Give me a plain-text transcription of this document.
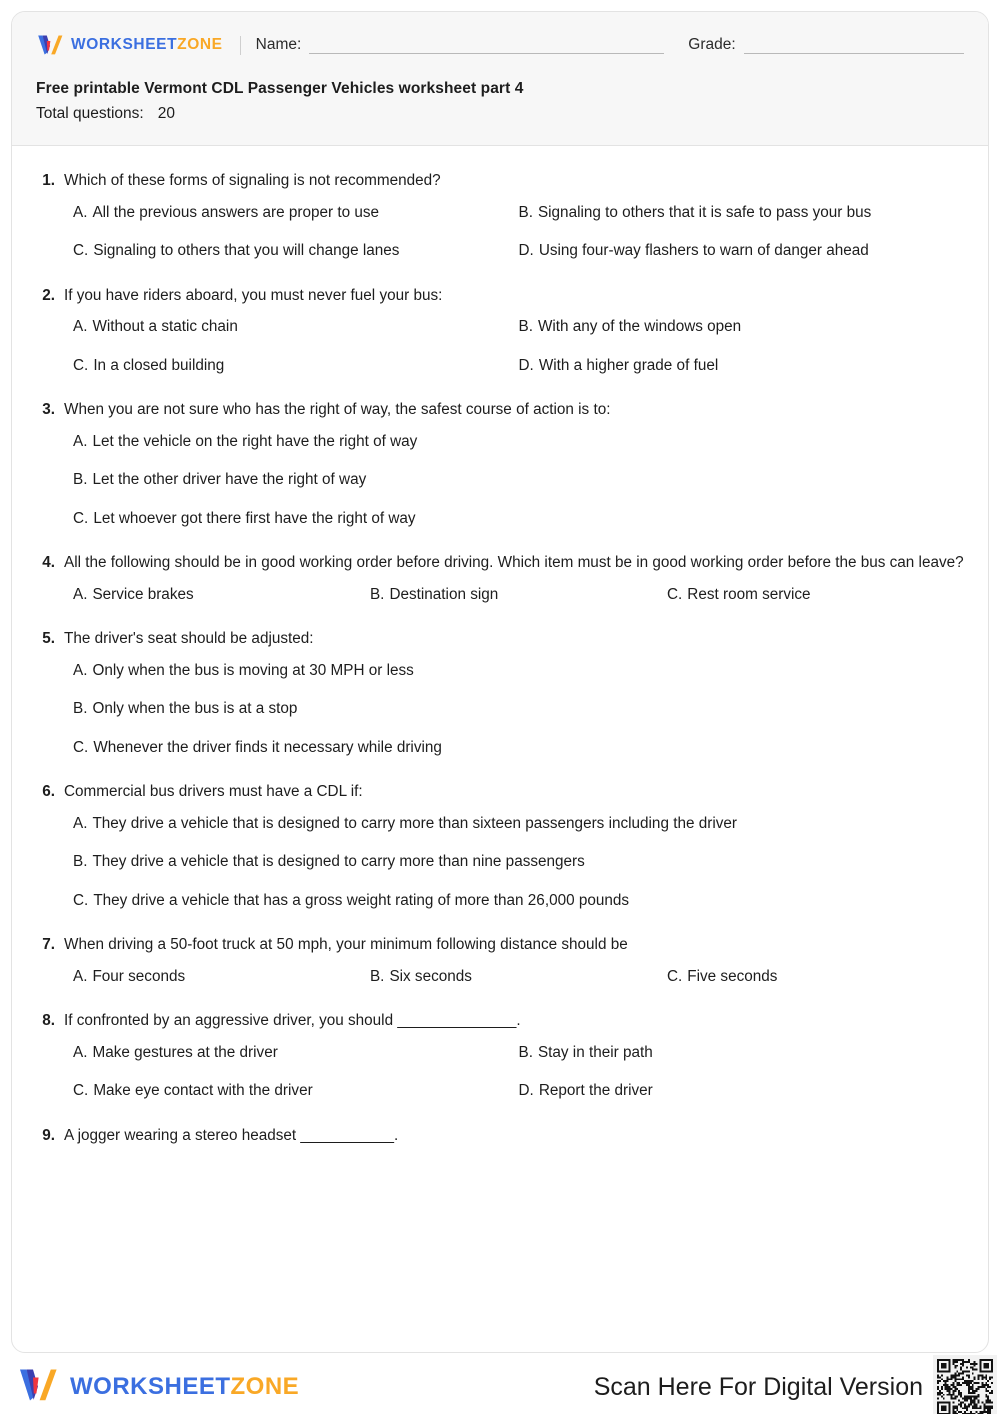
WORKSHEETZONE Name:	Grade:
Free printable Vermont CDL Passenger Vehicles worksheet part 4
Total questions: 20
1. Which of these forms of signaling is not recommended?
A. All the previous answers are proper to use	B. Signaling to others that it is safe to pass your bus
C. Signaling to others that you will change lanes	D. Using four-way flashers to warn of danger ahead
2. If you have riders aboard, you must never fuel your bus:
A. Without a static chain	B. With any of the windows open
C. In a closed building	D. With a higher grade of fuel
3. When you are not sure who has the right of way, the safest course of action is to:
A. Let the vehicle on the right have the right of way
B. Let the other driver have the right of way
C. Let whoever got there first have the right of way
4. All the following should be in good working order before driving. Which item must be in good working order before the bus can leave?
A. Service brakes	B. Destination sign	C. Rest room service
5. The driver's seat should be adjusted:
A. Only when the bus is moving at 30 MPH or less
B. Only when the bus is at a stop
C. Whenever the driver finds it necessary while driving
6. Commercial bus drivers must have a CDL if:
A. They drive a vehicle that is designed to carry more than sixteen passengers including the driver
B. They drive a vehicle that is designed to carry more than nine passengers
C. They drive a vehicle that has a gross weight rating of more than 26,000 pounds
7. When driving a 50-foot truck at 50 mph, your minimum following distance should be
A. Four seconds	B. Six seconds	C. Five seconds
8. If confronted by an aggressive driver, you should ______________.
A. Make gestures at the driver	B. Stay in their path
C. Make eye contact with the driver	D. Report the driver
9. A jogger wearing a stereo headset ___________.
WORKSHEETZONE	Scan Here For Digital Version
